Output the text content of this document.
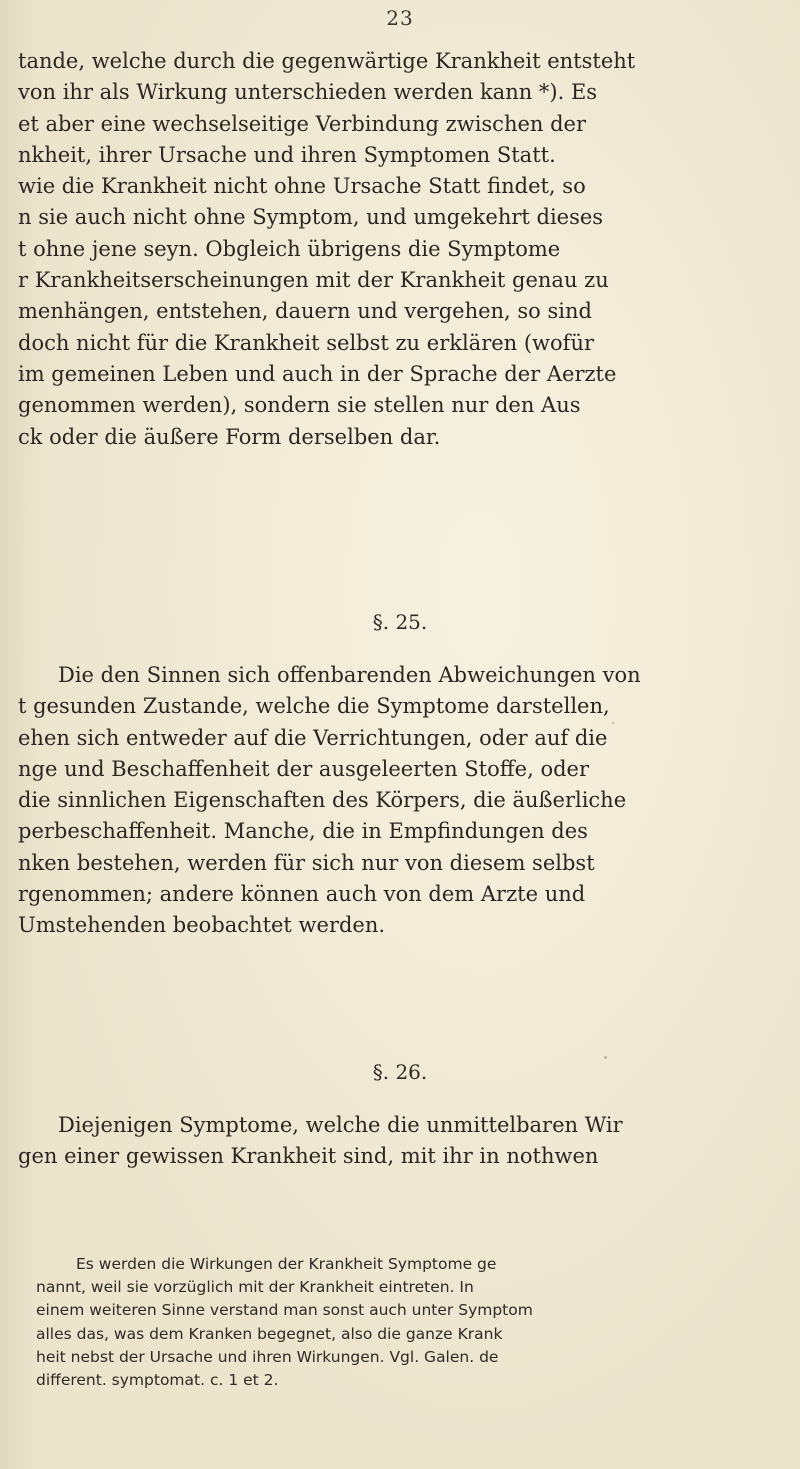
23
tande, welche durch die gegenwärtige Krankheit entsteht
von ihr als Wirkung unterschieden werden kann *). Es
et aber eine wechselseitige Verbindung zwischen der
nkheit, ihrer Ursache und ihren Symptomen Statt.
wie die Krankheit nicht ohne Ursache Statt findet, so
n sie auch nicht ohne Symptom, und umgekehrt dieses
t ohne jene seyn. Obgleich übrigens die Symptome
r Krankheitserscheinungen mit der Krankheit genau zu
menhängen, entstehen, dauern und vergehen, so sind
doch nicht für die Krankheit selbst zu erklären (wofür
im gemeinen Leben und auch in der Sprache der Aerzte
genommen werden), sondern sie stellen nur den Aus
ck oder die äußere Form derselben dar.
§. 25.
Die den Sinnen sich offenbarenden Abweichungen von
t gesunden Zustande, welche die Symptome darstellen,
ehen sich entweder auf die Verrichtungen, oder auf die
nge und Beschaffenheit der ausgeleerten Stoffe, oder
die sinnlichen Eigenschaften des Körpers, die äußerliche
perbeschaffenheit. Manche, die in Empfindungen des
nken bestehen, werden für sich nur von diesem selbst
rgenommen; andere können auch von dem Arzte und
Umstehenden beobachtet werden.
§. 26.
Diejenigen Symptome, welche die unmittelbaren Wir
gen einer gewissen Krankheit sind, mit ihr in nothwen
Es werden die Wirkungen der Krankheit Symptome ge
nannt, weil sie vorzüglich mit der Krankheit eintreten. In
einem weiteren Sinne verstand man sonst auch unter Symptom
alles das, was dem Kranken begegnet, also die ganze Krank
heit nebst der Ursache und ihren Wirkungen. Vgl. Galen. de
different. symptomat. c. 1 et 2.
